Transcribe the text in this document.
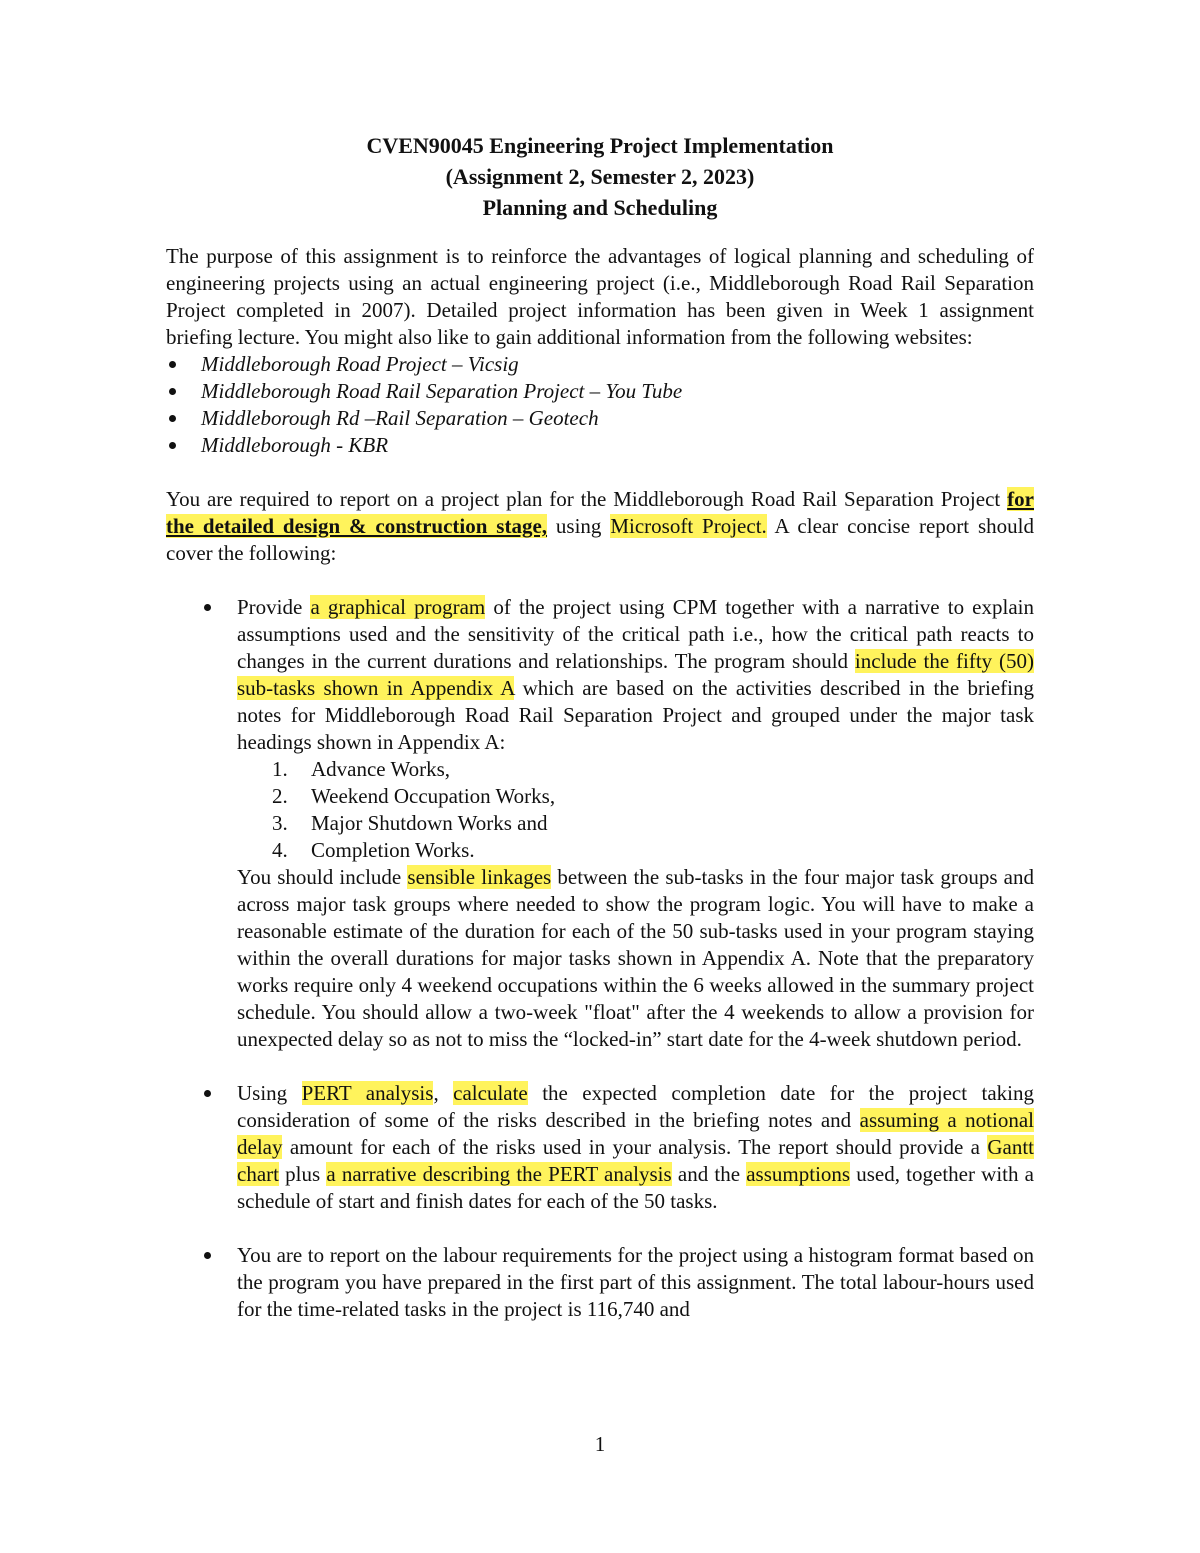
CVEN90045 Engineering Project Implementation

(Assignment 2, Semester 2, 2023)

Planning and Scheduling

The purpose of this assignment is to reinforce the advantages of logical planning and scheduling of engineering projects using an actual engineering project (i.e., Middleborough Road Rail Separation Project completed in 2007). Detailed project information has been given in Week 1 assignment briefing lecture. You might also like to gain additional information from the following websites:

Middleborough Road Project – Vicsig
Middleborough Road Rail Separation Project – You Tube
Middleborough Rd –Rail Separation – Geotech
Middleborough - KBR

You are required to report on a project plan for the Middleborough Road Rail Separation Project for the detailed design & construction stage, using Microsoft Project. A clear concise report should cover the following:

Provide a graphical program of the project using CPM together with a narrative to explain assumptions used and the sensitivity of the critical path i.e., how the critical path reacts to changes in the current durations and relationships. The program should include the fifty (50) sub-tasks shown in Appendix A which are based on the activities described in the briefing notes for Middleborough Road Rail Separation Project and grouped under the major task headings shown in Appendix A:

1. Advance Works,
2. Weekend Occupation Works,
3. Major Shutdown Works and
4. Completion Works.

You should include sensible linkages between the sub-tasks in the four major task groups and across major task groups where needed to show the program logic. You will have to make a reasonable estimate of the duration for each of the 50 sub-tasks used in your program staying within the overall durations for major tasks shown in Appendix A. Note that the preparatory works require only 4 weekend occupations within the 6 weeks allowed in the summary project schedule. You should allow a two-week "float" after the 4 weekends to allow a provision for unexpected delay so as not to miss the “locked-in” start date for the 4-week shutdown period.

Using PERT analysis, calculate the expected completion date for the project taking consideration of some of the risks described in the briefing notes and assuming a notional delay amount for each of the risks used in your analysis. The report should provide a Gantt chart plus a narrative describing the PERT analysis and the assumptions used, together with a schedule of start and finish dates for each of the 50 tasks.

You are to report on the labour requirements for the project using a histogram format based on the program you have prepared in the first part of this assignment. The total labour-hours used for the time-related tasks in the project is 116,740 and

1
